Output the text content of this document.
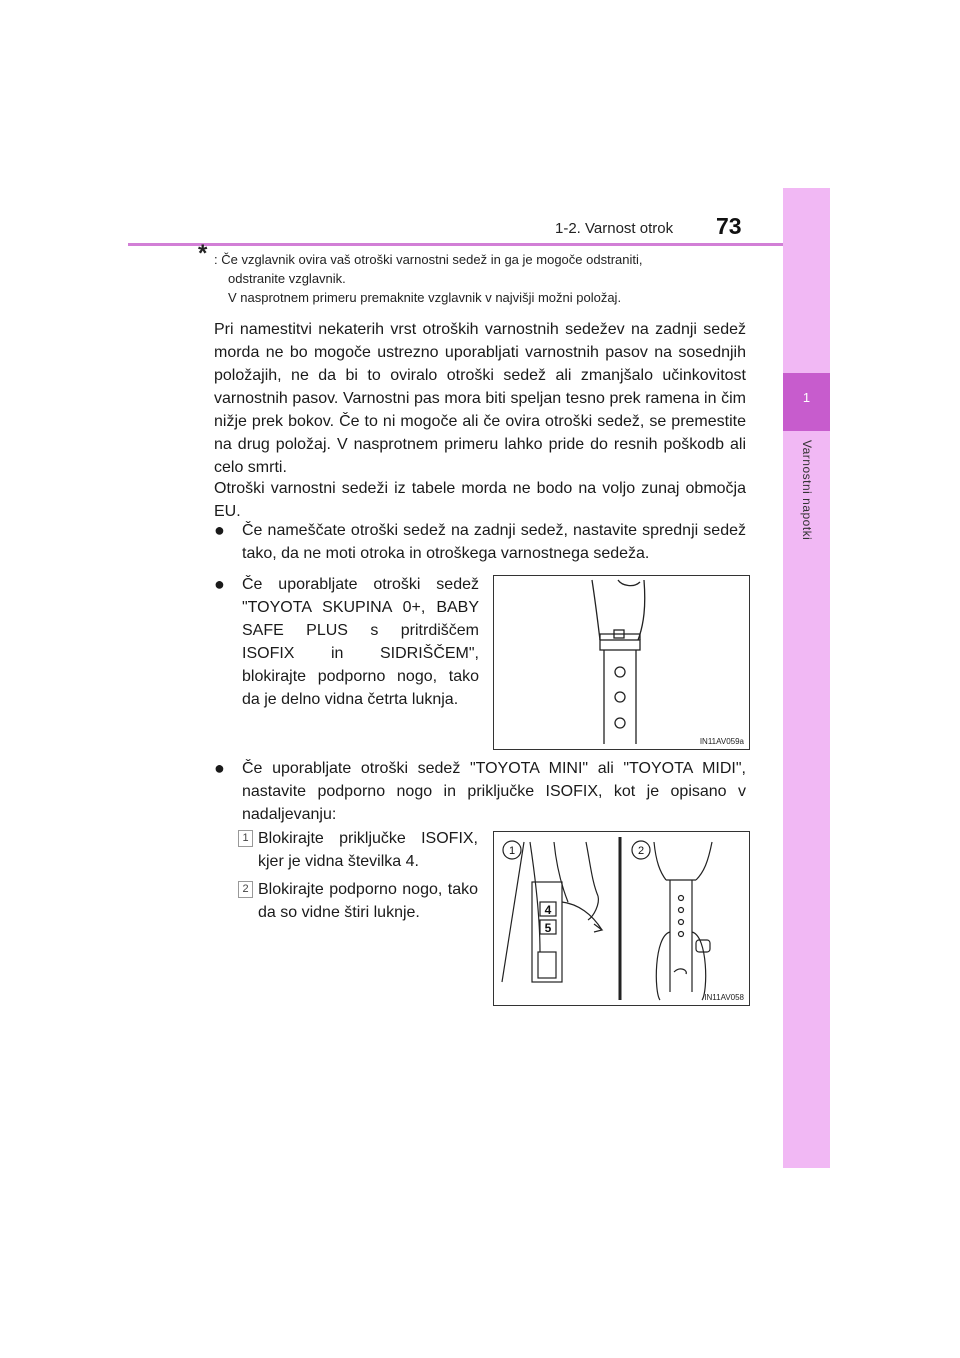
1-2. Varnost otrok 73
1
Varnostni napotki
* : Če vzglavnik ovira vaš otroški varnostni sedež in ga je mogoče odstraniti,
odstranite vzglavnik.
V nasprotnem primeru premaknite vzglavnik v najvišji možni položaj.
Pri namestitvi nekaterih vrst otroških varnostnih sedežev na zadnji sedež morda ne bo mogoče ustrezno uporabljati varnostnih pasov na sosednjih položajih, ne da bi to oviralo otroški sedež ali zmanjšalo učinkovitost varnostnih pasov. Varnostni pas mora biti speljan tesno prek ramena in čim nižje prek bokov. Če to ni mogoče ali če ovira otroški sedež, se premestite na drug položaj. V nasprotnem primeru lahko pride do resnih poškodb ali celo smrti.
Otroški varnostni sedeži iz tabele morda ne bodo na voljo zunaj območja EU.
● Če nameščate otroški sedež na zadnji sedež, nastavite sprednji sedež tako, da ne moti otroka in otroškega varnostnega sedeža.
● Če uporabljate otroški sedež "TOYOTA SKUPINA 0+, BABY SAFE PLUS s pritrdiščem ISOFIX in SIDRIŠČEM", blokirajte podporno nogo, tako da je delno vidna četrta luknja.
● Če uporabljate otroški sedež "TOYOTA MINI" ali "TOYOTA MIDI", nastavite podporno nogo in priključke ISOFIX, kot je opisano v nadaljevanju:
1 Blokirajte priključke ISOFIX, kjer je vidna številka 4.
2 Blokirajte podporno nogo, tako da so vidne štiri luknje.
IN11AV059a
1	2
4
5
IN11AV058
